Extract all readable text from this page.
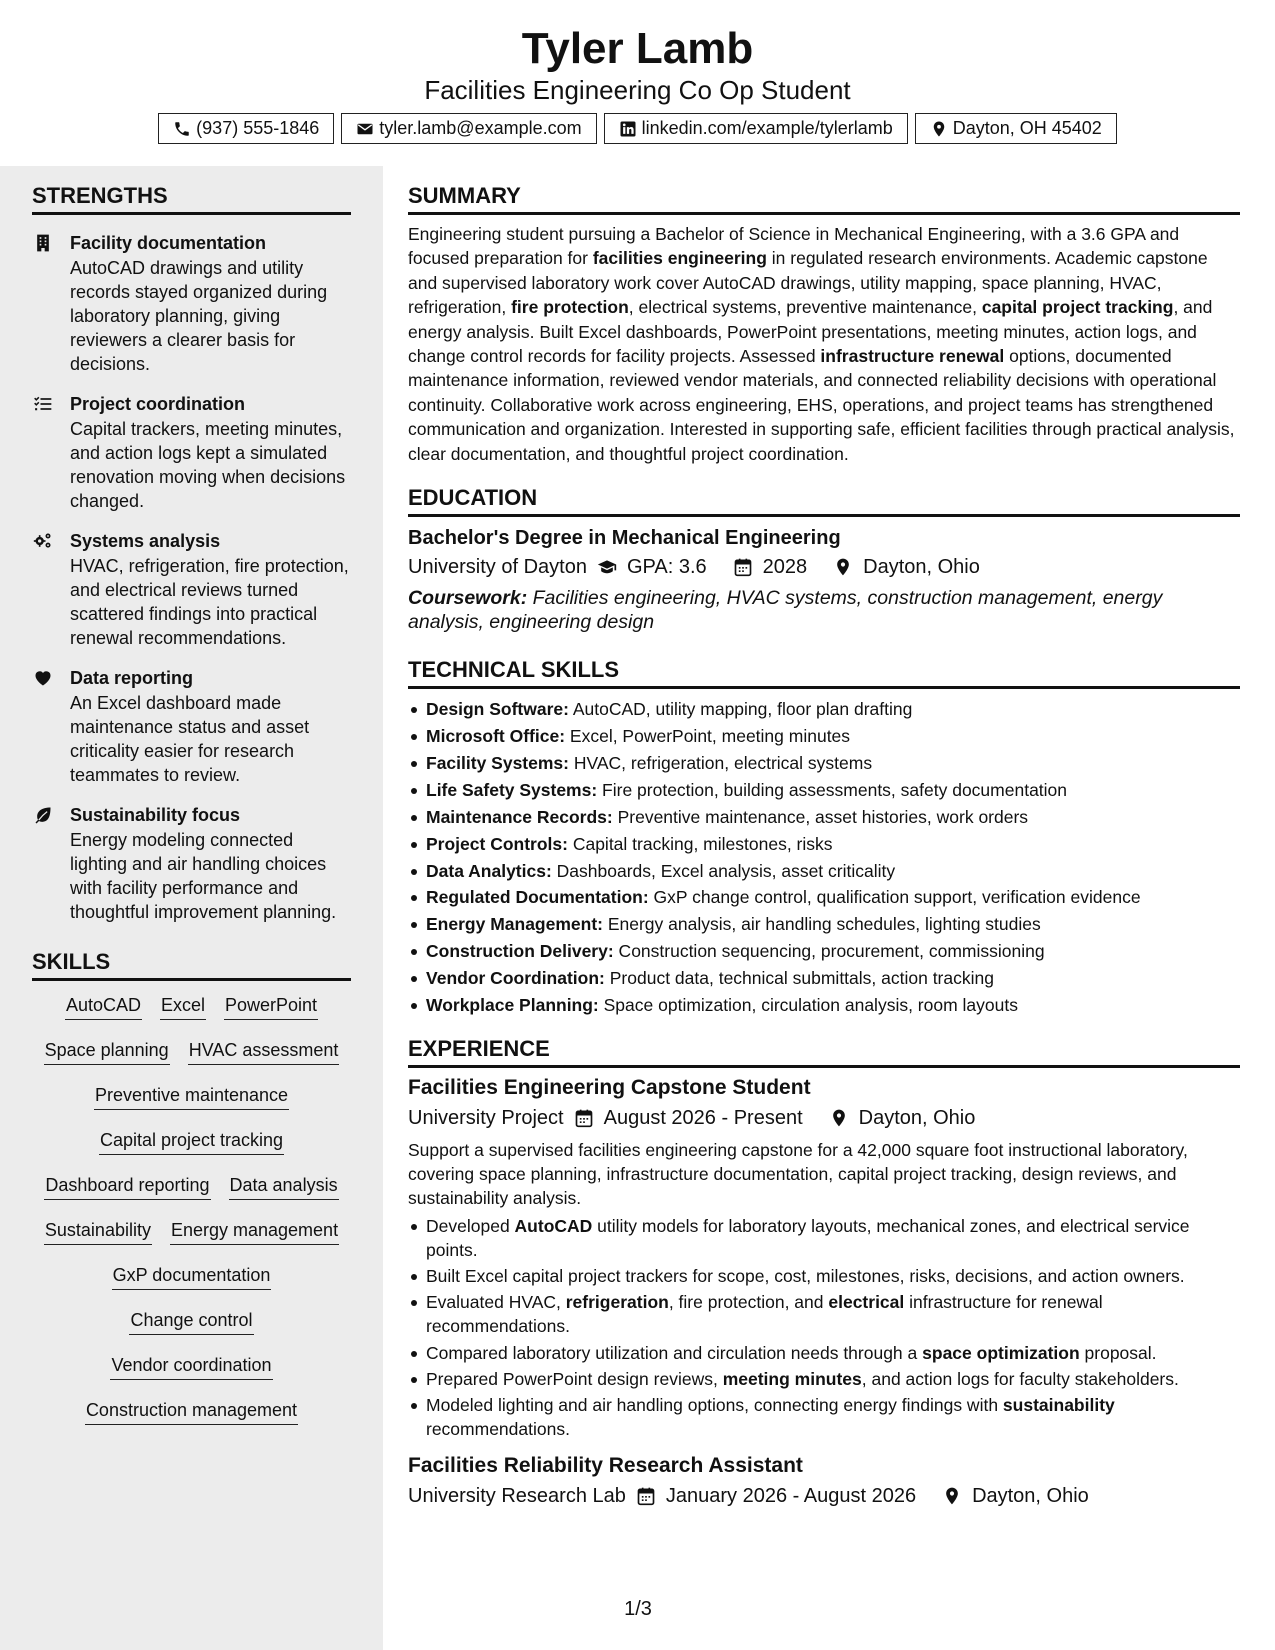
Tyler Lamb
Facilities Engineering Co Op Student
(937) 555-1846	tyler.lamb@example.com	linkedin.com/example/tylerlamb	Dayton, OH 45402
STRENGTHS
Facility documentation
AutoCAD drawings and utility records stayed organized during laboratory planning, giving reviewers a clearer basis for decisions.
Project coordination
Capital trackers, meeting minutes, and action logs kept a simulated renovation moving when decisions changed.
Systems analysis
HVAC, refrigeration, fire protection, and electrical reviews turned scattered findings into practical renewal recommendations.
Data reporting
An Excel dashboard made maintenance status and asset criticality easier for research teammates to review.
Sustainability focus
Energy modeling connected lighting and air handling choices with facility performance and thoughtful improvement planning.
SKILLS
AutoCAD Excel PowerPoint
Space planning HVAC assessment
Preventive maintenance
Capital project tracking
Dashboard reporting Data analysis
Sustainability Energy management
GxP documentation
Change control
Vendor coordination
Construction management
SUMMARY

Engineering student pursuing a Bachelor of Science in Mechanical Engineering, with a 3.6 GPA and focused preparation for facilities engineering in regulated research environments. Academic capstone and supervised laboratory work cover AutoCAD drawings, utility mapping, space planning, HVAC, refrigeration, fire protection, electrical systems, preventive maintenance, capital project tracking, and energy analysis. Built Excel dashboards, PowerPoint presentations, meeting minutes, action logs, and change control records for facility projects. Assessed infrastructure renewal options, documented maintenance information, reviewed vendor materials, and connected reliability decisions with operational continuity. Collaborative work across engineering, EHS, operations, and project teams has strengthened communication and organization. Interested in supporting safe, efficient facilities through practical analysis, clear documentation, and thoughtful project coordination.

EDUCATION
Bachelor's Degree in Mechanical Engineering
University of Dayton GPA: 3.6	2028	Dayton, Ohio
Coursework: Facilities engineering, HVAC systems, construction management, energy analysis, engineering design
TECHNICAL SKILLS
Design Software: AutoCAD, utility mapping, floor plan drafting
Microsoft Office: Excel, PowerPoint, meeting minutes
Facility Systems: HVAC, refrigeration, electrical systems
Life Safety Systems: Fire protection, building assessments, safety documentation
Maintenance Records: Preventive maintenance, asset histories, work orders
Project Controls: Capital tracking, milestones, risks
Data Analytics: Dashboards, Excel analysis, asset criticality
Regulated Documentation: GxP change control, qualification support, verification evidence
Energy Management: Energy analysis, air handling schedules, lighting studies
Construction Delivery: Construction sequencing, procurement, commissioning
Vendor Coordination: Product data, technical submittals, action tracking
Workplace Planning: Space optimization, circulation analysis, room layouts
EXPERIENCE
Facilities Engineering Capstone Student
University Project August 2026 - Present	Dayton, Ohio

Support a supervised facilities engineering capstone for a 42,000 square foot instructional laboratory, covering space planning, infrastructure documentation, capital project tracking, design reviews, and sustainability analysis.

Developed AutoCAD utility models for laboratory layouts, mechanical zones, and electrical service points.
Built Excel capital project trackers for scope, cost, milestones, risks, decisions, and action owners.
Evaluated HVAC, refrigeration, fire protection, and electrical infrastructure for renewal recommendations.
Compared laboratory utilization and circulation needs through a space optimization proposal.
Prepared PowerPoint design reviews, meeting minutes, and action logs for faculty stakeholders.
Modeled lighting and air handling options, connecting energy findings with sustainability recommendations.
Facilities Reliability Research Assistant
University Research Lab January 2026 - August 2026	Dayton, Ohio
1/3
